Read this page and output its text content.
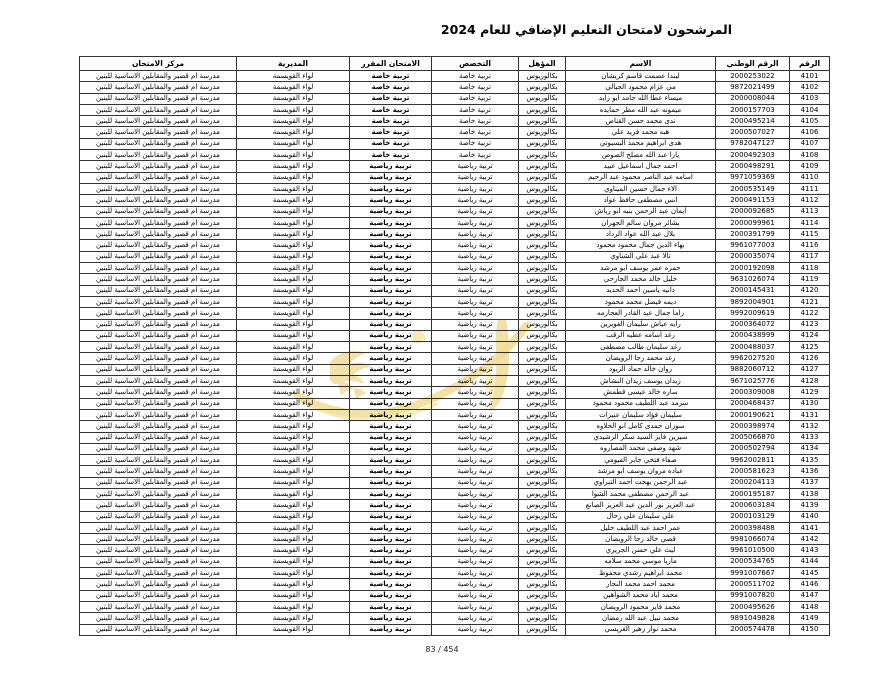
المرشحون لامتحان التعليم الإضافي للعام 2024
الرقم	الرقم الوطني	الاسم	المؤهل	التخصص	الامتحان المقرر	المديرية	مركز الامتحان
4101	2000253022	ليندا عصمت قاسم كريشان	بكالوريوس	تربية خاصة	تربية خاصة	لواء القويسمة	مدرسة ام قصير والمقابلين الاساسية للبنين
4102	9872021499	مي عزام محمود الجبالي	بكالوريوس	تربية خاصة	تربية خاصة	لواء القويسمة	مدرسة ام قصير والمقابلين الاساسية للبنين
4103	2000008044	ميساء عطا الله حامد ابو زايد	بكالوريوس	تربية خاصة	تربية خاصة	لواء القويسمة	مدرسة ام قصير والمقابلين الاساسية للبنين
4104	2000157703	ميمونه عبد الله مطر حمايده	بكالوريوس	تربية خاصة	تربية خاصة	لواء القويسمة	مدرسة ام قصير والمقابلين الاساسية للبنين
4105	2000495214	ندى محمد حسن القناص	بكالوريوس	تربية خاصة	تربية خاصة	لواء القويسمة	مدرسة ام قصير والمقابلين الاساسية للبنين
4106	2000507027	هبه محمد فريد علي	بكالوريوس	تربية خاصة	تربية خاصة	لواء القويسمة	مدرسة ام قصير والمقابلين الاساسية للبنين
4107	9782047127	هدى ابراهيم محمد البسيوني	بكالوريوس	تربية خاصة	تربية خاصة	لواء القويسمة	مدرسة ام قصير والمقابلين الاساسية للبنين
4108	2000492303	يارا عبد الله مصلح الصوص	بكالوريوس	تربية خاصة	تربية خاصة	لواء القويسمة	مدرسة ام قصير والمقابلين الاساسية للبنين
4109	2000498291	احمد جمال اسماعيل عبيد	بكالوريوس	تربية رياضية	تربية رياضية	لواء القويسمة	مدرسة ام قصير والمقابلين الاساسية للبنين
4110	9971059369	اسامه عبد الناصر محمود عبد الرحيم	بكالوريوس	تربية رياضية	تربية رياضية	لواء القويسمة	مدرسة ام قصير والمقابلين الاساسية للبنين
4111	2000535149	الاء جمال حسين الميناوي	بكالوريوس	تربية رياضية	تربية رياضية	لواء القويسمة	مدرسة ام قصير والمقابلين الاساسية للبنين
4112	2000491153	انس مصطفى حافظ عواد	بكالوريوس	تربية رياضية	تربية رياضية	لواء القويسمة	مدرسة ام قصير والمقابلين الاساسية للبنين
4113	2000092685	ايمان عبد الرحمن بنيه ابو رياش	بكالوريوس	تربية رياضية	تربية رياضية	لواء القويسمة	مدرسة ام قصير والمقابلين الاساسية للبنين
4114	2000099961	بشائر مروان سالم الجهران	بكالوريوس	تربية رياضية	تربية رياضية	لواء القويسمة	مدرسة ام قصير والمقابلين الاساسية للبنين
4115	2000391799	بلال عبد الله عواد الرداد	بكالوريوس	تربية رياضية	تربية رياضية	لواء القويسمة	مدرسة ام قصير والمقابلين الاساسية للبنين
4116	9961077003	بهاء الدين جمال محمود محمود	بكالوريوس	تربية رياضية	تربية رياضية	لواء القويسمة	مدرسة ام قصير والمقابلين الاساسية للبنين
4117	2000035074	تالا عبد علي الشناوي	بكالوريوس	تربية رياضية	تربية رياضية	لواء القويسمة	مدرسة ام قصير والمقابلين الاساسية للبنين
4118	2000192098	حمزه عمر يوسف ابو مرشد	بكالوريوس	تربية رياضية	تربية رياضية	لواء القويسمة	مدرسة ام قصير والمقابلين الاساسية للبنين
4119	9631026074	خليل خالد محمد الجارحي	بكالوريوس	تربية رياضية	تربية رياضية	لواء القويسمة	مدرسة ام قصير والمقابلين الاساسية للبنين
4120	2000145431	دانيه ياسين احمد الحديد	بكالوريوس	تربية رياضية	تربية رياضية	لواء القويسمة	مدرسة ام قصير والمقابلين الاساسية للبنين
4121	9892004901	ديمه فيصل محمد محمود	بكالوريوس	تربية رياضية	تربية رياضية	لواء القويسمة	مدرسة ام قصير والمقابلين الاساسية للبنين
4122	9992009619	راما جمال عبد القادر العجارمه	بكالوريوس	تربية رياضية	تربية رياضية	لواء القويسمة	مدرسة ام قصير والمقابلين الاساسية للبنين
4123	2000364072	رايه عياش سليمان الغويرين	بكالوريوس	تربية رياضية	تربية رياضية	لواء القويسمة	مدرسة ام قصير والمقابلين الاساسية للبنين
4124	2000438999	رغد اسامه عطيه الرقب	بكالوريوس	تربية رياضية	تربية رياضية	لواء القويسمة	مدرسة ام قصير والمقابلين الاساسية للبنين
4125	2000488037	رغد سليمان طالب مصطفى	بكالوريوس	تربية رياضية	تربية رياضية	لواء القويسمة	مدرسة ام قصير والمقابلين الاساسية للبنين
4126	9962027520	رغد محمد رجا الرويضان	بكالوريوس	تربية رياضية	تربية رياضية	لواء القويسمة	مدرسة ام قصير والمقابلين الاساسية للبنين
4127	9882060712	روان خالد حماد الزيود	بكالوريوس	تربية رياضية	تربية رياضية	لواء القويسمة	مدرسة ام قصير والمقابلين الاساسية للبنين
4128	9671025776	زيدان يوسف زيدان النشاش	بكالوريوس	تربية رياضية	تربية رياضية	لواء القويسمة	مدرسة ام قصير والمقابلين الاساسية للبنين
4129	2000309008	ساره خالد عيسى قطمش	بكالوريوس	تربية رياضية	تربية رياضية	لواء القويسمة	مدرسة ام قصير والمقابلين الاساسية للبنين
4130	2000468437	سرمد عبد اللطيف محمود محمود	بكالوريوس	تربية رياضية	تربية رياضية	لواء القويسمة	مدرسة ام قصير والمقابلين الاساسية للبنين
4131	2000190621	سليمان فؤاد سليمان عنيزات	بكالوريوس	تربية رياضية	تربية رياضية	لواء القويسمة	مدرسة ام قصير والمقابلين الاساسية للبنين
4132	2000398974	سوزان حمدى كامل ابو الحلاوه	بكالوريوس	تربية رياضية	تربية رياضية	لواء القويسمة	مدرسة ام قصير والمقابلين الاساسية للبنين
4133	2005066870	سيرين فايز السيد سكر الرشيدي	بكالوريوس	تربية رياضية	تربية رياضية	لواء القويسمة	مدرسة ام قصير والمقابلين الاساسية للبنين
4134	2000502794	شهد وصفي محمد المصاروه	بكالوريوس	تربية رياضية	تربية رياضية	لواء القويسمة	مدرسة ام قصير والمقابلين الاساسية للبنين
4135	9962002811	صفاء فتحي جابر الفيومي	بكالوريوس	تربية رياضية	تربية رياضية	لواء القويسمة	مدرسة ام قصير والمقابلين الاساسية للبنين
4136	2000581623	عباده مروان يوسف ابو مرشد	بكالوريوس	تربية رياضية	تربية رياضية	لواء القويسمة	مدرسة ام قصير والمقابلين الاساسية للبنين
4137	2000204113	عبد الرحمن بهجت احمد التبراوي	بكالوريوس	تربية رياضية	تربية رياضية	لواء القويسمة	مدرسة ام قصير والمقابلين الاساسية للبنين
4138	2000195187	عبد الرحمن مصطفى محمد الشوا	بكالوريوس	تربية رياضية	تربية رياضية	لواء القويسمة	مدرسة ام قصير والمقابلين الاساسية للبنين
4139	2000603184	عبد العزيز نور الدين عبد العزيز الصانع	بكالوريوس	تربية رياضية	تربية رياضية	لواء القويسمة	مدرسة ام قصير والمقابلين الاساسية للبنين
4140	2000103129	علي سليمان علي رحال	بكالوريوس	تربية رياضية	تربية رياضية	لواء القويسمة	مدرسة ام قصير والمقابلين الاساسية للبنين
4141	2000398488	عمر احمد عبد اللطيف خليل	بكالوريوس	تربية رياضية	تربية رياضية	لواء القويسمة	مدرسة ام قصير والمقابلين الاساسية للبنين
4142	9981066074	قصي خالد رجا الرويضان	بكالوريوس	تربية رياضية	تربية رياضية	لواء القويسمة	مدرسة ام قصير والمقابلين الاساسية للبنين
4143	9961010500	ليث علي حسن الجريري	بكالوريوس	تربية رياضية	تربية رياضية	لواء القويسمة	مدرسة ام قصير والمقابلين الاساسية للبنين
4144	2000534765	ماريا موسى محمد سلامه	بكالوريوس	تربية رياضية	تربية رياضية	لواء القويسمة	مدرسة ام قصير والمقابلين الاساسية للبنين
4145	9991007667	محمد ابراهيم رشدي محفوظ	بكالوريوس	تربية رياضية	تربية رياضية	لواء القويسمة	مدرسة ام قصير والمقابلين الاساسية للبنين
4146	2000511702	محمد احمد محمد النجار	بكالوريوس	تربية رياضية	تربية رياضية	لواء القويسمة	مدرسة ام قصير والمقابلين الاساسية للبنين
4147	9991007820	محمد اياد محمد الشواهين	بكالوريوس	تربية رياضية	تربية رياضية	لواء القويسمة	مدرسة ام قصير والمقابلين الاساسية للبنين
4148	2000495626	محمد فايز محمود الرويضان	بكالوريوس	تربية رياضية	تربية رياضية	لواء القويسمة	مدرسة ام قصير والمقابلين الاساسية للبنين
4149	9891049828	محمد نبيل عبد الله رمضان	بكالوريوس	تربية رياضية	تربية رياضية	لواء القويسمة	مدرسة ام قصير والمقابلين الاساسية للبنين
4150	2000574478	محمد نوار زهير الغريسي	بكالوريوس	تربية رياضية	تربية رياضية	لواء القويسمة	مدرسة ام قصير والمقابلين الاساسية للبنين
83 / 454
